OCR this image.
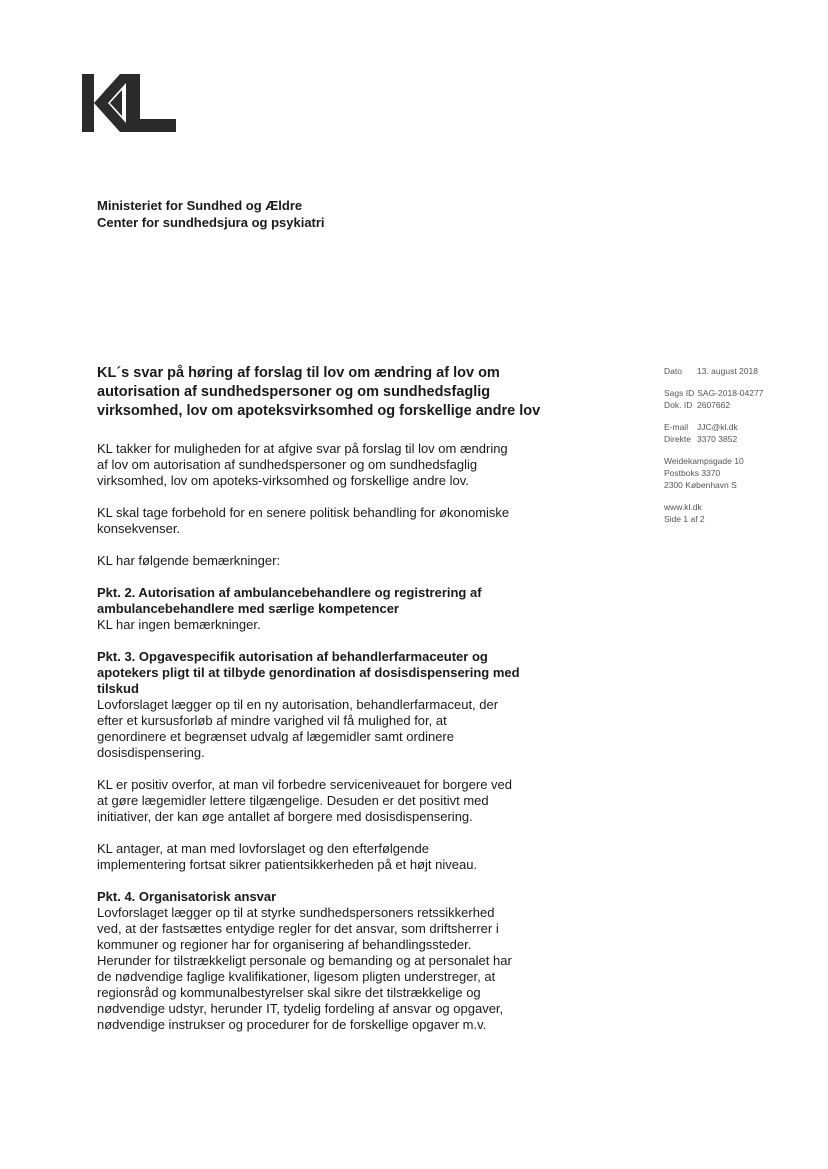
Ministeriet for Sundhed og Ældre
Center for sundhedsjura og psykiatri
KL´s svar på høring af forslag til lov om ændring af lov om
autorisation af sundhedspersoner og om sundhedsfaglig
virksomhed, lov om apoteksvirksomhed og forskellige andre lov
Dato 13. august 2018
Sags ID SAG-2018-04277
Dok. ID 2607662
E-mail JJC@kl.dk
Direkte 3370 3852
Weidekampsgade 10
Postboks 3370
2300 København S
www.kl.dk
Side 1 af 2
KL takker for muligheden for at afgive svar på forslag til lov om ændring
af lov om autorisation af sundhedspersoner og om sundhedsfaglig
virksomhed, lov om apoteks-virksomhed og forskellige andre lov.
KL skal tage forbehold for en senere politisk behandling for økonomiske
konsekvenser.
KL har følgende bemærkninger:
Pkt. 2. Autorisation af ambulancebehandlere og registrering af
ambulancebehandlere med særlige kompetencer
KL har ingen bemærkninger.
Pkt. 3. Opgavespecifik autorisation af behandlerfarmaceuter og
apotekers pligt til at tilbyde genordination af dosisdispensering med
tilskud
Lovforslaget lægger op til en ny autorisation, behandlerfarmaceut, der
efter et kursusforløb af mindre varighed vil få mulighed for, at
genordinere et begrænset udvalg af lægemidler samt ordinere
dosisdispensering.
KL er positiv overfor, at man vil forbedre serviceniveauet for borgere ved
at gøre lægemidler lettere tilgængelige. Desuden er det positivt med
initiativer, der kan øge antallet af borgere med dosisdispensering.
KL antager, at man med lovforslaget og den efterfølgende
implementering fortsat sikrer patientsikkerheden på et højt niveau.
Pkt. 4. Organisatorisk ansvar
Lovforslaget lægger op til at styrke sundhedspersoners retssikkerhed
ved, at der fastsættes entydige regler for det ansvar, som driftsherrer i
kommuner og regioner har for organisering af behandlingssteder.
Herunder for tilstrækkeligt personale og bemanding og at personalet har
de nødvendige faglige kvalifikationer, ligesom pligten understreger, at
regionsråd og kommunalbestyrelser skal sikre det tilstrækkelige og
nødvendige udstyr, herunder IT, tydelig fordeling af ansvar og opgaver,
nødvendige instrukser og procedurer for de forskellige opgaver m.v.
